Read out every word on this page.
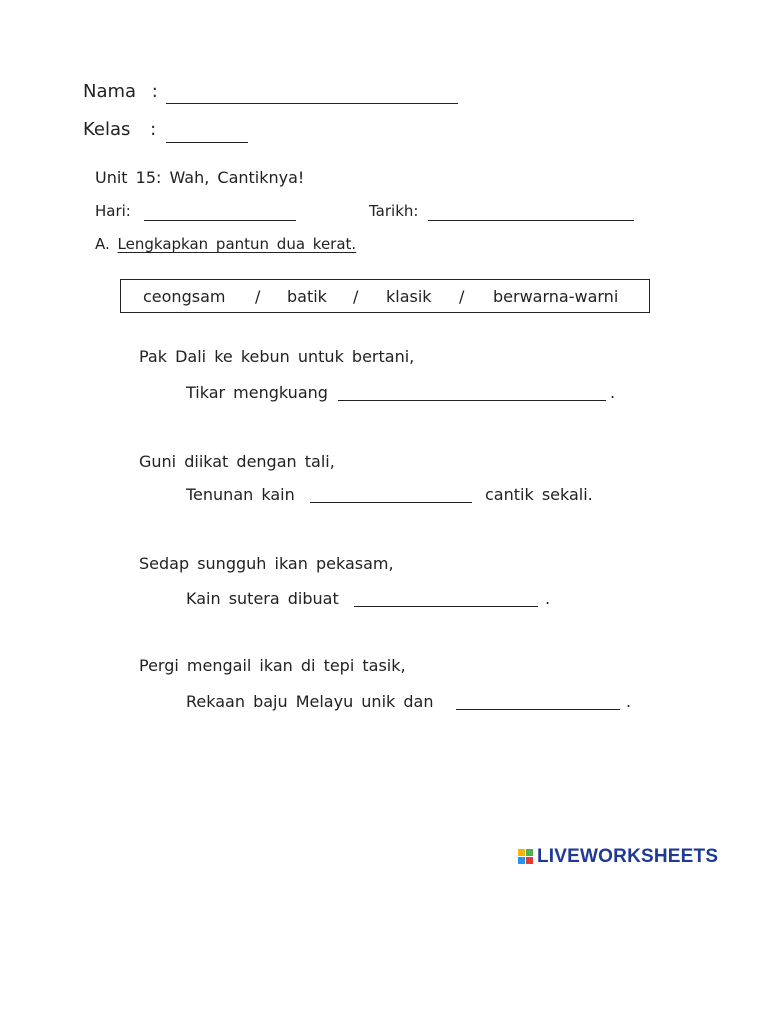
Nama :
Kelas :
Unit 15: Wah, Cantiknya!
Hari:	Tarikh:
A. Lengkapkan pantun dua kerat.
ceongsam / batik / klasik / berwarna-warni
Pak Dali ke kebun untuk bertani,
Tikar mengkuang	.
Guni diikat dengan tali,
Tenunan kain	cantik sekali.
Sedap sungguh ikan pekasam,
Kain sutera dibuat	.
Pergi mengail ikan di tepi tasik,
Rekaan baju Melayu unik dan	.
LIVEWORKSHEETS
